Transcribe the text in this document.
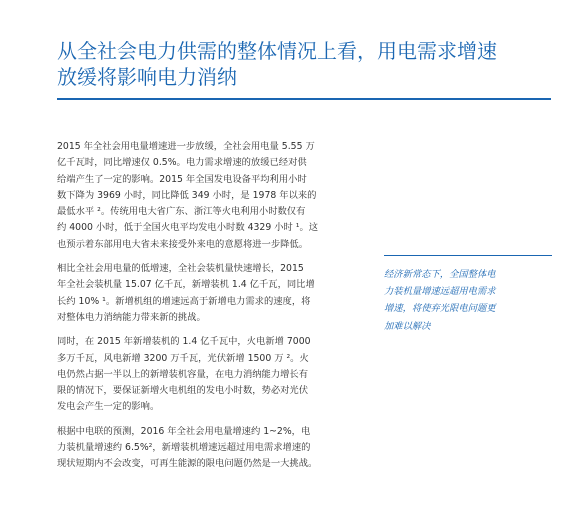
从全社会电力供需的整体情况上看，用电需求增速
放缓将影响电力消纳

2015 年全社会用电量增速进一步放缓，全社会用电量 5.55 万
亿千瓦时，同比增速仅 0.5%。电力需求增速的放缓已经对供
给端产生了一定的影响。2015 年全国发电设备平均利用小时
数下降为 3969 小时，同比降低 349 小时，是 1978 年以来的
最低水平 ²。传统用电大省广东、浙江等火电利用小时数仅有
约 4000 小时，低于全国火电平均发电小时数 4329 小时 ¹。这
也预示着东部用电大省未来接受外来电的意愿将进一步降低。

相比全社会用电量的低增速，全社会装机量快速增长，2015
年全社会装机量 15.07 亿千瓦，新增装机 1.4 亿千瓦，同比增
长约 10% ¹。新增机组的增速远高于新增电力需求的速度，将
对整体电力消纳能力带来新的挑战。

同时，在 2015 年新增装机的 1.4 亿千瓦中，火电新增 7000
多万千瓦，风电新增 3200 万千瓦，光伏新增 1500 万 ²。火
电仍然占据一半以上的新增装机容量，在电力消纳能力增长有
限的情况下，要保证新增火电机组的发电小时数，势必对光伏
发电会产生一定的影响。

根据中电联的预测，2016 年全社会用电量增速约 1~2%，电
力装机量增速约 6.5%²，新增装机增速远超过用电需求增速的
现状短期内不会改变，可再生能源的限电问题仍然是一大挑战。

经济新常态下，全国整体电
力装机量增速远超用电需求
增速，将使弃光限电问题更
加难以解决
